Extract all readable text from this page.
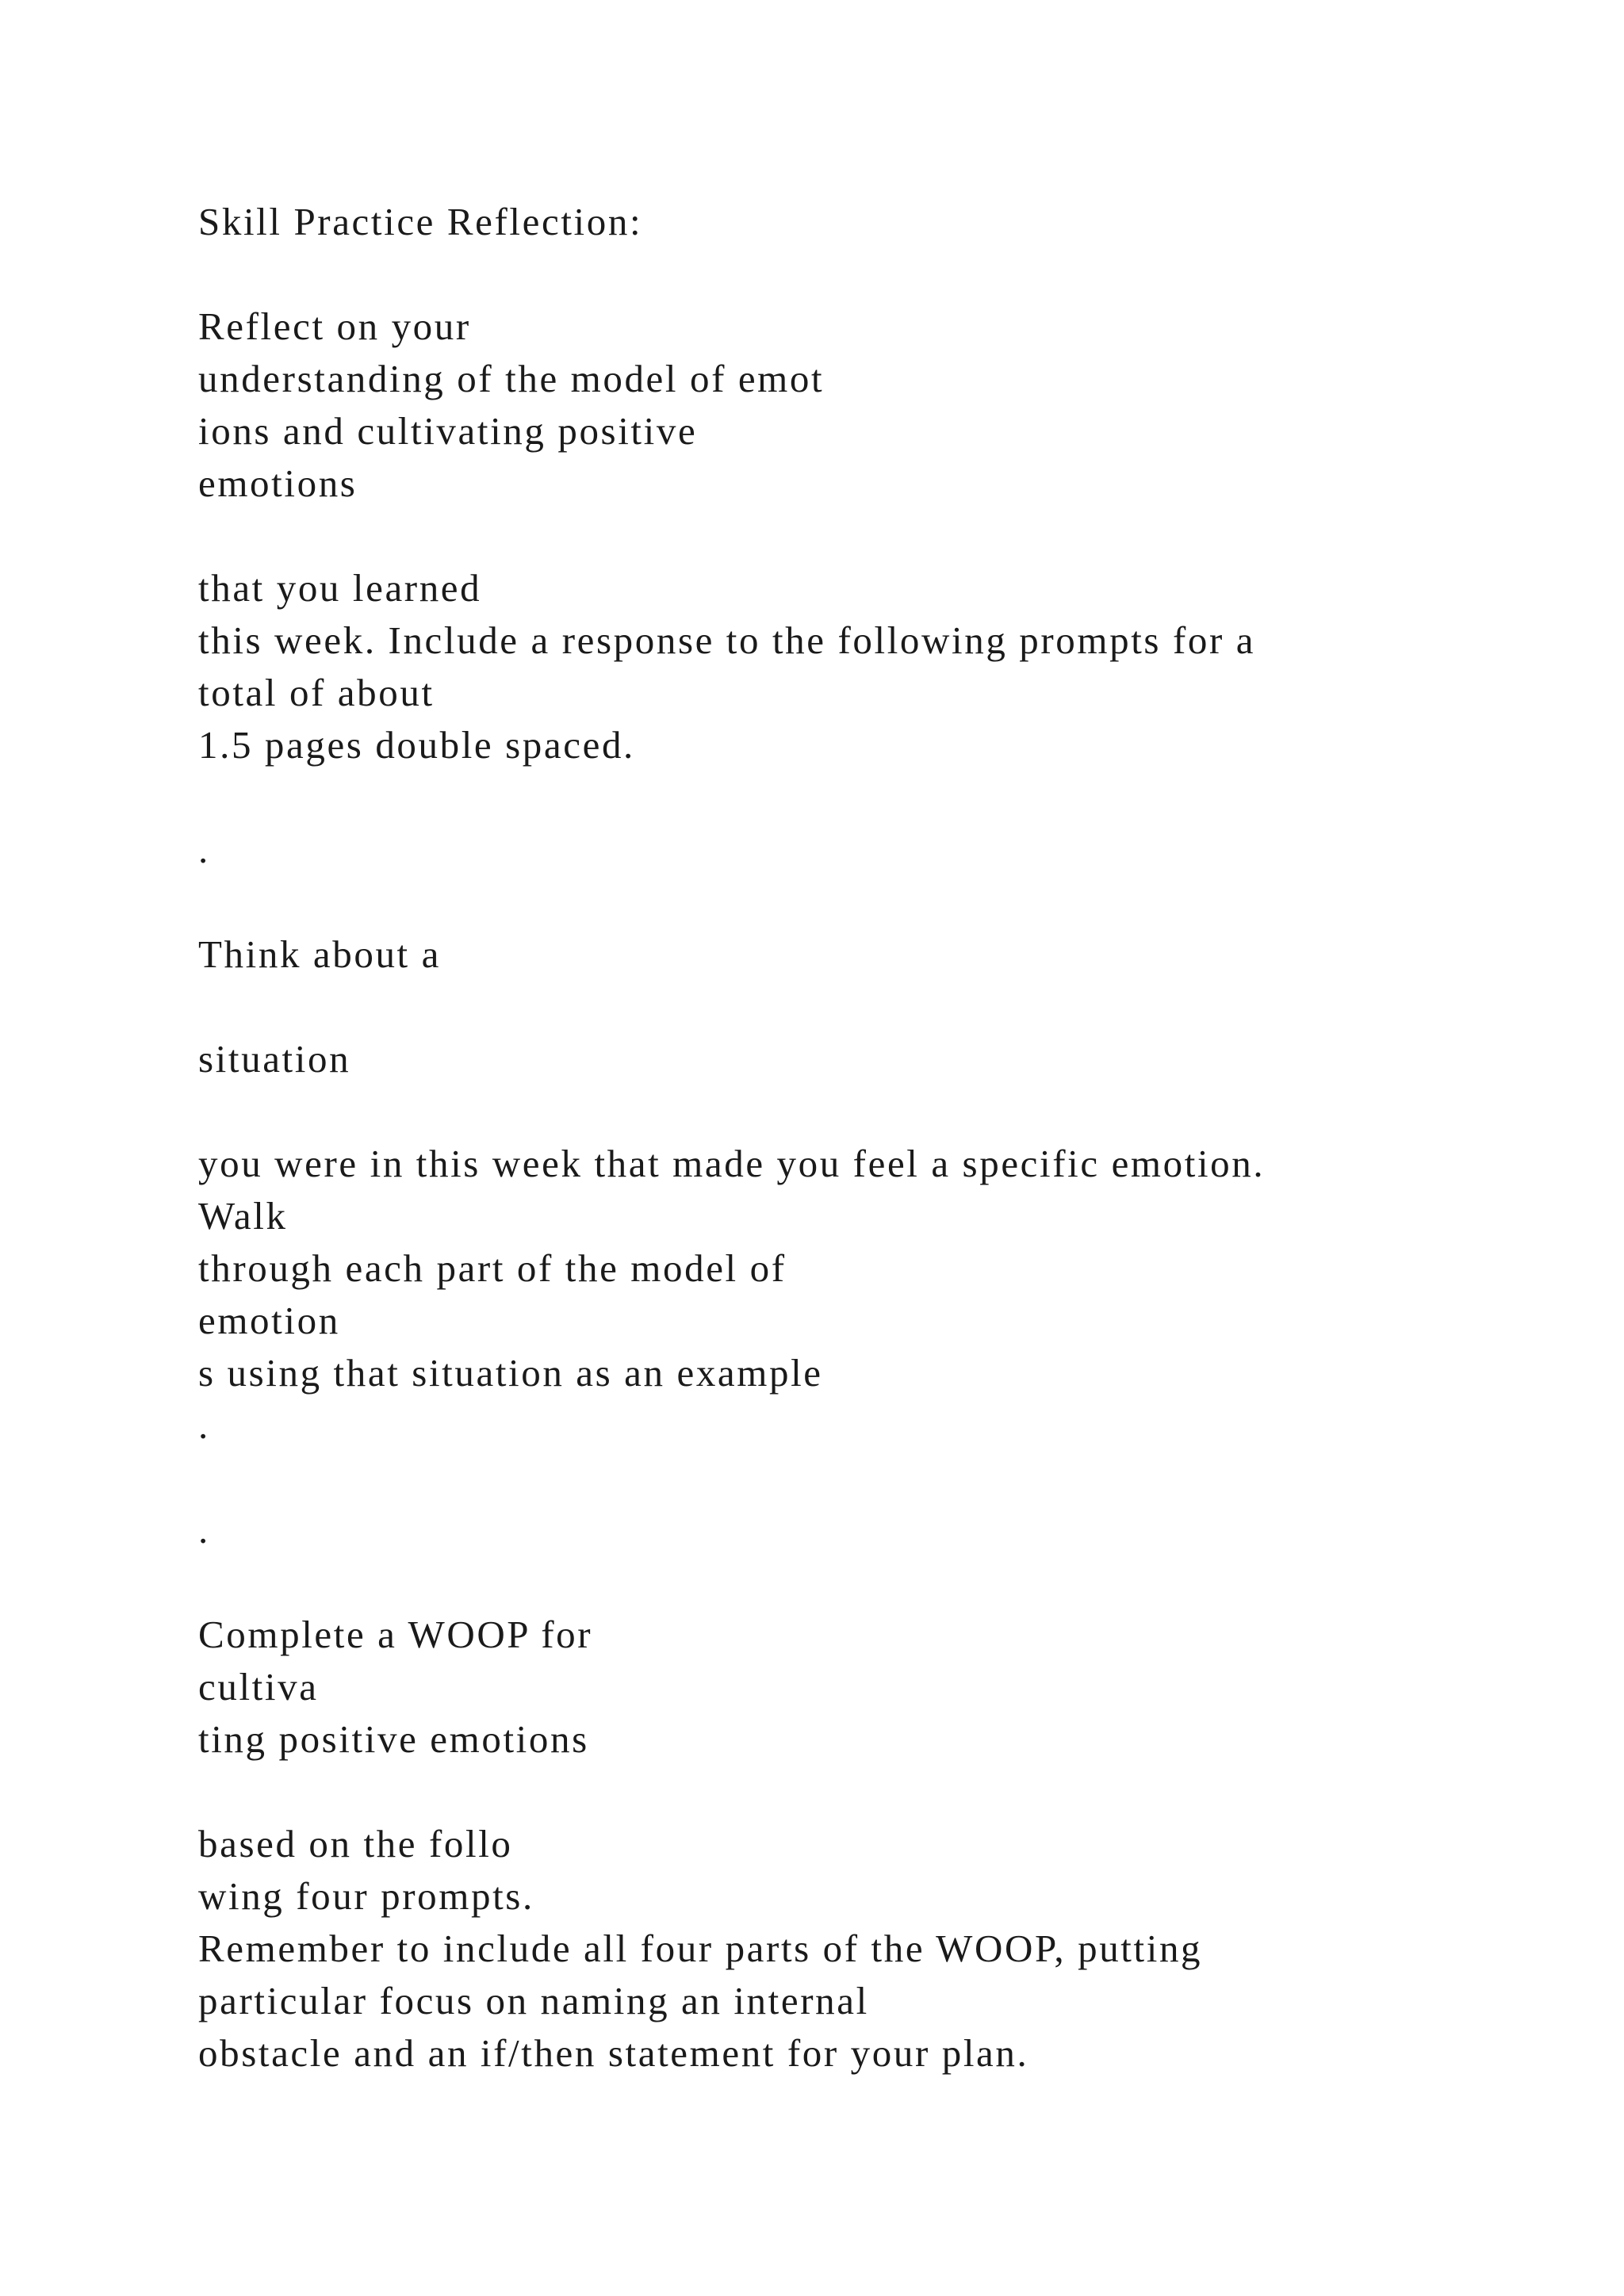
Skill Practice Reflection:
Reflect on your
understanding of the model of emot
ions and cultivating positive
emotions
that you learned
this week. Include a response to the following prompts for a
total of about
1.5 pages double spaced.
.
Think about a
situation
you were in this week that made you feel a specific emotion.
Walk
through each part of the model of
emotion
s using that situation as an example
.
.
Complete a WOOP for
cultiva
ting positive emotions
based on the follo
wing four prompts.
Remember to include all four parts of the WOOP, putting
particular focus on naming an internal
obstacle and an if/then statement for your plan.
